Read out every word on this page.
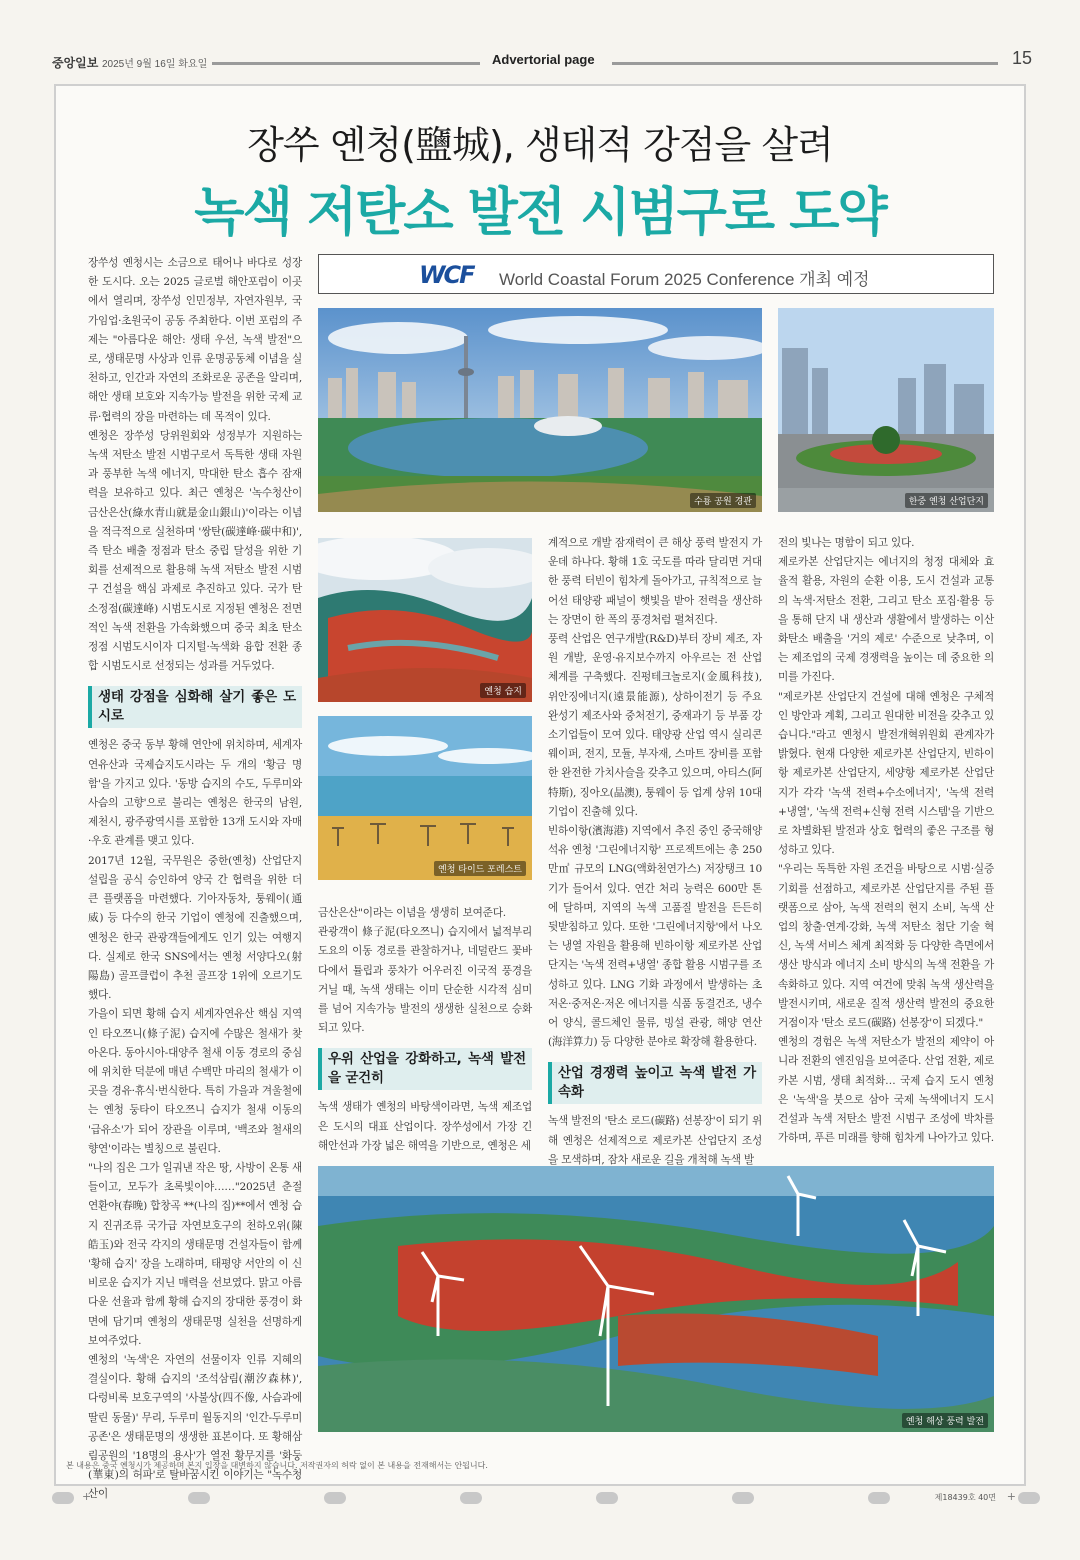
중앙일보 2025년 9월 16일 화요일	Advertorial page	15
장쑤 옌청(鹽城), 생태적 강점을 살려
녹색 저탄소 발전 시범구로 도약

장쑤성 옌청시는 소금으로 태어나 바다로 성장한 도시다. 오는 2025 글로벌 해안포럼이 이곳에서 열리며, 장쑤성 인민정부, 자연자원부, 국가임업·초원국이 공동 주최한다. 이번 포럼의 주제는 "아름다운 해안: 생태 우선, 녹색 발전"으로, 생태문명 사상과 인류 운명공동체 이념을 실천하고, 인간과 자연의 조화로운 공존을 알리며, 해안 생태 보호와 지속가능 발전을 위한 국제 교류·협력의 장을 마련하는 데 목적이 있다.

옌청은 장쑤성 당위원회와 성정부가 지원하는 녹색 저탄소 발전 시범구로서 독특한 생태 자원과 풍부한 녹색 에너지, 막대한 탄소 흡수 잠재력을 보유하고 있다. 최근 옌청은 '녹수청산이 금산은산(綠水青山就是金山銀山)'이라는 이념을 적극적으로 실천하며 '쌍탄(碳達峰·碳中和)', 즉 탄소 배출 정점과 탄소 중립 달성을 위한 기회를 선제적으로 활용해 녹색 저탄소 발전 시범구 건설을 핵심 과제로 추진하고 있다. 국가 탄소정점(碳達峰) 시범도시로 지정된 옌청은 전면적인 녹색 전환을 가속화했으며 중국 최초 탄소 정점 시범도시이자 디지털·녹색화 융합 전환 종합 시범도시로 선정되는 성과를 거두었다.

생태 강점을 심화해 살기 좋은 도시로

옌청은 중국 동부 황해 연안에 위치하며, 세계자연유산과 국제습지도시라는 두 개의 '황금 명함'을 가지고 있다. '동방 습지의 수도, 두루미와 사슴의 고향'으로 불리는 옌청은 한국의 남원, 제천시, 광주광역시를 포함한 13개 도시와 자매·우호 관계를 맺고 있다.

2017년 12월, 국무원은 중한(옌청) 산업단지 설립을 공식 승인하여 양국 간 협력을 위한 더 큰 플랫폼을 마련했다. 기아자동차, 퉁웨이(通威) 등 다수의 한국 기업이 옌청에 진출했으며, 옌청은 한국 관광객들에게도 인기 있는 여행지다. 실제로 한국 SNS에서는 옌청 서양다오(射陽島) 골프클럽이 추천 골프장 1위에 오르기도 했다.

가을이 되면 황해 습지 세계자연유산 핵심 지역인 타오쯔니(條子泥) 습지에 수많은 철새가 찾아온다. 동아시아-대양주 철새 이동 경로의 중심에 위치한 덕분에 매년 수백만 마리의 철새가 이곳을 경유·휴식·번식한다. 특히 가을과 겨울철에는 옌청 둥타이 타오쯔니 습지가 철새 이동의 '급유소'가 되어 장관을 이루며, '백조와 철새의 향연'이라는 별칭으로 불린다.

"나의 집은 그가 일궈낸 작은 땅, 사방이 온통 새들이고, 모두가 초록빛이야……"2025년 춘절 연환야(春晚) 합창곡 **(나의 집)**에서 옌청 습지 진귀조류 국가급 자연보호구의 천하오위(陳皓玉)와 전국 각지의 생태문명 건설자들이 함께 '황해 습지' 장을 노래하며, 태평양 서안의 이 신비로운 습지가 지닌 매력을 선보였다. 맑고 아름다운 선율과 함께 황해 습지의 장대한 풍경이 화면에 담기며 옌청의 생태문명 실천을 선명하게 보여주었다.

옌청의 '녹색'은 자연의 선물이자 인류 지혜의 결실이다. 황해 습지의 '조석삼림(潮汐森林)', 다렁비록 보호구역의 '사불상(四不像, 사슴과에 딸린 동물)' 무리, 두루미 월동지의 '인간-두루미 공존'은 생태문명의 생생한 표본이다. 또 황해삼림공원의 '18명의 용사'가 열전 황무지를 '화둥(華東)의 허파'로 탈바꿈시킨 이야기는 "녹수청산이

WCF World Coastal Forum 2025 Conference 개최 예정
수룡 공원 경관	한중 옌청 산업단지
옌청 습지
옌청 타이드 포레스트

금산은산"이라는 이념을 생생히 보여준다.

관광객이 條子泥(타오쯔니) 습지에서 넓적부리 도요의 이동 경로를 관찰하거나, 네덜란드 꽃바다에서 튤립과 풍차가 어우러진 이국적 풍경을 거닐 때, 녹색 생태는 이미 단순한 시각적 심미를 넘어 지속가능 발전의 생생한 실천으로 승화되고 있다.

우위 산업을 강화하고, 녹색 발전을 굳건히

녹색 생태가 옌청의 바탕색이라면, 녹색 제조업은 도시의 대표 산업이다. 장쑤성에서 가장 긴 해안선과 가장 넓은 해역을 기반으로, 옌청은 세

계적으로 개발 잠재력이 큰 해상 풍력 발전지 가운데 하나다. 황해 1호 국도를 따라 달리면 거대한 풍력 터빈이 힘차게 돌아가고, 규칙적으로 늘어선 태양광 패널이 햇빛을 받아 전력을 생산하는 장면이 한 폭의 풍경처럼 펼쳐진다.

풍력 산업은 연구개발(R&D)부터 장비 제조, 자원 개발, 운영·유지보수까지 아우르는 전 산업 체계를 구축했다. 진펑테크놀로지(金風科技), 위안징에너지(遠景能源), 상하이전기 등 주요 완성기 제조사와 중처전기, 중재과기 등 부품 강소기업들이 모여 있다. 태양광 산업 역시 실리콘 웨이퍼, 전지, 모듈, 부자재, 스마트 장비를 포함한 완전한 가치사슬을 갖추고 있으며, 아티스(阿特斯), 징아오(晶澳), 퉁웨이 등 업계 상위 10대 기업이 진출해 있다.

빈하이항(濱海港) 지역에서 추진 중인 중국해양석유 옌청 '그린에너지항' 프로젝트에는 총 250만㎥ 규모의 LNG(액화천연가스) 저장탱크 10기가 들어서 있다. 연간 처리 능력은 600만 톤에 달하며, 지역의 녹색 고품질 발전을 든든히 뒷받침하고 있다. 또한 '그린에너지항'에서 나오는 냉열 자원을 활용해 빈하이항 제로카본 산업단지는 '녹색 전력+냉열' 종합 활용 시범구를 조성하고 있다. LNG 기화 과정에서 발생하는 초저온·중저온·저온 에너지를 식품 동결건조, 냉수어 양식, 콜드체인 물류, 빙설 관광, 해양 연산(海洋算力) 등 다양한 분야로 확장해 활용한다.

산업 경쟁력 높이고 녹색 발전 가속화

녹색 발전의 '탄소 로드(碳路) 선봉장'이 되기 위해 옌청은 선제적으로 제로카본 산업단지 조성을 모색하며, 잠차 새로운 길을 개척해 녹색 발

전의 빛나는 명함이 되고 있다.

제로카본 산업단지는 에너지의 청정 대체와 효율적 활용, 자원의 순환 이용, 도시 건설과 교통의 녹색·저탄소 전환, 그리고 탄소 포집·활용 등을 통해 단지 내 생산과 생활에서 발생하는 이산화탄소 배출을 '거의 제로' 수준으로 낮추며, 이는 제조업의 국제 경쟁력을 높이는 데 중요한 의미를 가진다.

"제로카본 산업단지 건설에 대해 옌청은 구체적인 방안과 계획, 그리고 원대한 비전을 갖추고 있습니다."라고 옌청시 발전개혁위원회 관계자가 밝혔다. 현재 다양한 제로카본 산업단지, 빈하이항 제로카본 산업단지, 세양항 제로카본 산업단지가 각각 '녹색 전력+수소에너지', '녹색 전력+냉열', '녹색 전력+신형 전력 시스템'을 기반으로 차별화된 발전과 상호 협력의 좋은 구조를 형성하고 있다.

"우리는 독특한 자원 조건을 바탕으로 시범·실증 기회를 선점하고, 제로카본 산업단지를 주된 플랫폼으로 삼아, 녹색 전력의 현지 소비, 녹색 산업의 창출·연계·강화, 녹색 저탄소 첨단 기술 혁신, 녹색 서비스 체계 최적화 등 다양한 측면에서 생산 방식과 에너지 소비 방식의 녹색 전환을 가속화하고 있다. 지역 여건에 맞춰 녹색 생산력을 발전시키며, 새로운 질적 생산력 발전의 중요한 거점이자 '탄소 로드(碳路) 선봉장'이 되겠다."

옌청의 경험은 녹색 저탄소가 발전의 제약이 아니라 전환의 엔진임을 보여준다. 산업 전환, 제로카본 시범, 생태 최적화… 국제 습지 도시 옌청은 '녹색'을 붓으로 삼아 국제 녹색에너지 도시 건설과 녹색 저탄소 발전 시범구 조성에 박차를 가하며, 푸른 미래를 향해 힘차게 나아가고 있다.

옌청 해상 풍력 발전
본 내용은 중국 옌청시가 제공하며 본지 입장을 대변하지 않습니다. 저작권자의 허락 없이 본 내용을 전재해서는 안됩니다.
+	제18439호 40면 +
